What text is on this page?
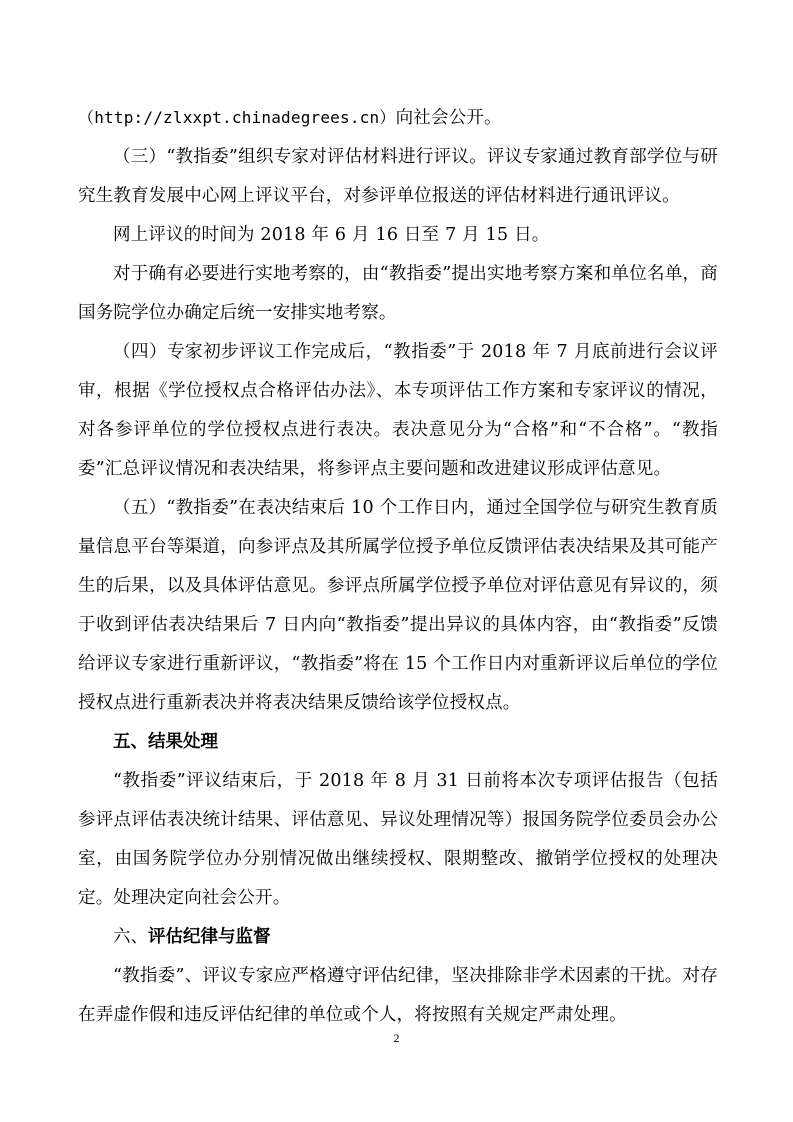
（http://zlxxpt.chinadegrees.cn）向社会公开。

（三）“教指委”组织专家对评估材料进行评议。评议专家通过教育部学位与研究生教育发展中心网上评议平台，对参评单位报送的评估材料进行通讯评议。

网上评议的时间为 2018 年 6 月 16 日至 7 月 15 日。

对于确有必要进行实地考察的，由“教指委”提出实地考察方案和单位名单，商国务院学位办确定后统一安排实地考察。

（四）专家初步评议工作完成后，“教指委”于 2018 年 7 月底前进行会议评审，根据《学位授权点合格评估办法》、本专项评估工作方案和专家评议的情况，对各参评单位的学位授权点进行表决。表决意见分为“合格”和“不合格”。“教指委”汇总评议情况和表决结果，将参评点主要问题和改进建议形成评估意见。

（五）“教指委”在表决结束后 10 个工作日内，通过全国学位与研究生教育质量信息平台等渠道，向参评点及其所属学位授予单位反馈评估表决结果及其可能产生的后果，以及具体评估意见。参评点所属学位授予单位对评估意见有异议的，须于收到评估表决结果后 7 日内向“教指委”提出异议的具体内容，由“教指委”反馈给评议专家进行重新评议，“教指委”将在 15 个工作日内对重新评议后单位的学位授权点进行重新表决并将表决结果反馈给该学位授权点。

五、结果处理

“教指委”评议结束后，于 2018 年 8 月 31 日前将本次专项评估报告（包括参评点评估表决统计结果、评估意见、异议处理情况等）报国务院学位委员会办公室，由国务院学位办分别情况做出继续授权、限期整改、撤销学位授权的处理决定。处理决定向社会公开。

六、评估纪律与监督

“教指委”、评议专家应严格遵守评估纪律，坚决排除非学术因素的干扰。对存在弄虚作假和违反评估纪律的单位或个人，将按照有关规定严肃处理。

2
